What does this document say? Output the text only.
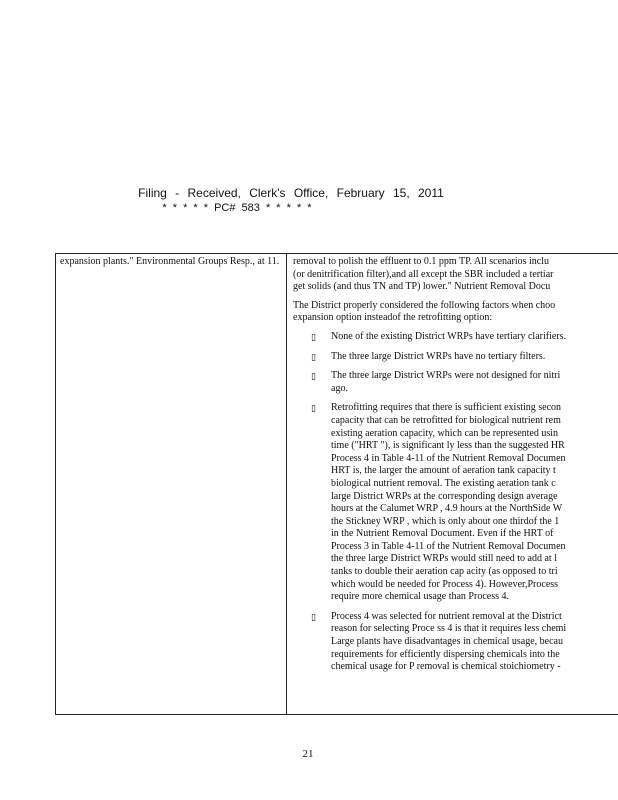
Filing - Received, Clerk's Office, February 15, 2011
* * * * * PC# 583 * * * * *
expansion plants." Environmental Groups Resp., at 11. removal to polish the effluent to 0.1 ppm TP. All scenarios inclu
(or denitrification filter),and all except the SBR included a tertiar
get solids (and thus TN and TP) lower." Nutrient Removal Docu

The District properly considered the following factors when choo
expansion option insteadof the retrofitting option:

▯ None of the existing District WRPs have tertiary clarifiers.
▯ The three large District WRPs have no tertiary filters.
▯ The three large District WRPs were not designed for nitri
ago.
▯ Retrofitting requires that there is sufficient existing secon
capacity that can be retrofitted for biological nutrient rem
existing aeration capacity, which can be represented usin
time ("HRT "), is significant ly less than the suggested HR
Process 4 in Table 4-11 of the Nutrient Removal Documen
HRT is, the larger the amount of aeration tank capacity t
biological nutrient removal. The existing aeration tank c
large District WRPs at the corresponding design average
hours at the Calumet WRP , 4.9 hours at the NorthSide W
the Stickney WRP , which is only about one thirdof the 1
in the Nutrient Removal Document. Even if the HRT of
Process 3 in Table 4-11 of the Nutrient Removal Documen
the three large District WRPs would still need to add at l
tanks to double their aeration cap acity (as opposed to tri
which would be needed for Process 4). However,Process
require more chemical usage than Process 4.
▯ Process 4 was selected for nutrient removal at the District
reason for selecting Proce ss 4 is that it requires less chemi
Large plants have disadvantages in chemical usage, becau
requirements for efficiently dispersing chemicals into the
chemical usage for P removal is chemical stoichiometry -
21
